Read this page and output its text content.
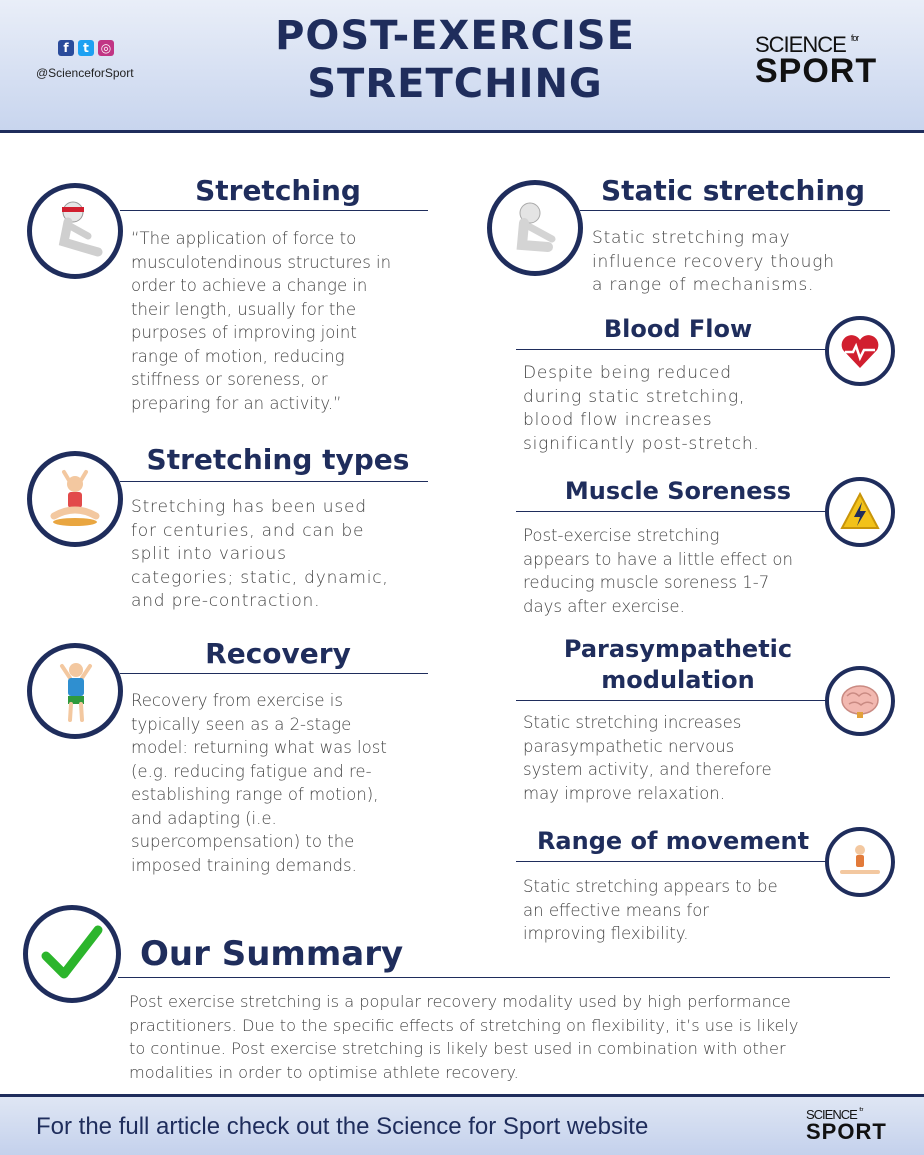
f	t ◎
@ScienceforSport
POST-EXERCISE
STRETCHING
SCIENCE $^{for}$
SPORT
Stretching
“The application of force to
musculotendinous structures in
order to achieve a change in
their length, usually for the
purposes of improving joint
range of motion, reducing
stiffness or soreness, or
preparing for an activity.”
Stretching types
Stretching has been used
for centuries, and can be
split into various
categories; static, dynamic,
and pre-contraction.
Recovery
Recovery from exercise is
typically seen as a 2-stage
model: returning what was lost
(e.g. reducing fatigue and re-
establishing range of motion),
and adapting (i.e.
supercompensation) to the
imposed training demands.
Static stretching
Static stretching may
influence recovery though
a range of mechanisms.
Blood Flow
Despite being reduced
during static stretching,
blood flow increases
significantly post-stretch.
Muscle Soreness
Post-exercise stretching
appears to have a little effect on
reducing muscle soreness 1-7
days after exercise.
Parasympathetic
modulation
Static stretching increases
parasympathetic nervous
system activity, and therefore
may improve relaxation.
Range of movement
Static stretching appears to be
an effective means for
improving flexibility.
Our Summary
Post exercise stretching is a popular recovery modality used by high performance
practitioners. Due to the specific effects of stretching on flexibility, it’s use is likely
to continue. Post exercise stretching is likely best used in combination with other
modalities in order to optimise athlete recovery.
For the full article check out the Science for Sport website	SCIENCE $^{for}$
SPORT
